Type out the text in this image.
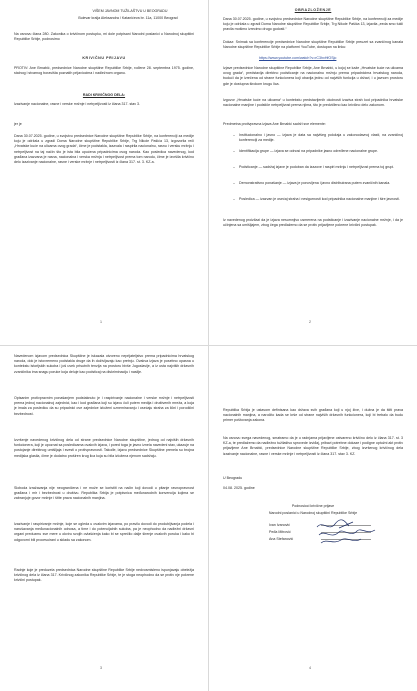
VIŠEM JAVNOM TUŽILAŠTVU U BEOGRADU

Bulevar kralja Aleksandra / Katanićeva br. 11a, 11000 Beograd

Na osnovu člana 280. Zakonika o krivičnom postupku, mi dole potpisani Narodni poslanici u Narodnoj skupštini Republike Srbije, podnosimo

KRIVIČNU PRIJAVU

PROTIV: Ane Brnabić, predsednice Narodne skupštine Republike Srbije, rođene 28. septembra 1975. godine, stalnog i stvarnog boravišta poznatih prijaviocima i nadležnom organu.

RADI KRIVIČNOG DELA:

Izazivanje nacionalne, rasne i verske mržnje i netrpeljivosti iz člana 317. stav 3.

jer je

Dana 30.07.2025. godine, u svojstvu predsednice Narodne skupštine Republike Srbije, na konferenciji za medije koju je održala u zgradi Doma Narodne skupštine Republike Srbije, Trg Nikole Pašića 13, izgovorila reči „Hrvatske kuće na ulicama ovog grada“, čime je podstakla, izazvala i raspirila nacionalnu, rasnu i versku mržnju i netrpeljivost na taj način što je ista bila upućena pripadnicima ovog naroda. Kao posledica navedenog, kod građana izazvana je rasna, nacionalna i verska mržnja i netrpeljivost prema tom narodu, čime je izvršila krivično delo izazivanje nacionalne, rasne i verske mržnje i netrpeljivosti iz člana 317. st. 3. KZ-a.

1

OBRAZLOŽENJE

Dana 30.07.2025. godine, u svojstvu predsednice Narodne skupštine Republike Srbije, na konferenciji za medije koju je održala u zgradi Doma Narodne skupštine Republike Srbije, Trg Nikole Pašića 13, izjavila „eeda smo tukli pravila mošimo izrecimo drugo godosti.“

Dokaz: Snimak sa konferencije predsednice Narodne skupštine Republike Srbije preuzet sa zvaničnog kanala Narodne skupštine Republike Srbije na platformi YouTube, dostupan na linku:

https://www.youtube.com/watch?v=rC3hxHfOSjo

Izjave predsednice Narodne skupštine Republike Srbije, Ane Brnabić, u kojoj se kaže „Hrvatske kuće na ulicama ovog grada“, predstavlja direktno podsticanje na nacionalnu mržnju prema pripadnicima hrvatskog naroda, budući da je izrečena od strane funkcionera koji obavlja jednu od najviših funkcija u državi, i u javnom prostoru gde je dostupna širokom krugu lica.

Izgovor „Hrvatske kuće na ulicama“ u kontekstu predstavljenih okolnosti izaziva strah kod pripadnika hrvatske nacionalne manjine i podstiče netrpeljivost prema njima, što je predviđeno kao krivično delo zakonom.

Predmetna protivpravna izjava Ane Brnabić sadrži sve elemente:

– Institucionalno i javno — izjava je data sa najvišeg položaja u zakonodavnoj vlasti, na zvaničnoj konferenciji za medije.

– Identifikacija grupe — izjava se odnosi na pripadnike jasno određene nacionalne grupe.

– Podsticanje — sadržaj izjave je podoban da izazove i raspiri mržnju i netrpeljivost prema toj grupi.

– Demonstrativno ponašanje — izjava je ponovljena i javno distribuirana putem zvaničnih kanala.

– Posledica — izazvan je osećaj straha i nesigurnosti kod pripadnika nacionalne manjine i šire javnosti.

Iz navedenog proizilazi da je izjava nesumnjivo usmerena na podsticanje i izazivanje nacionalne mržnje, i da je učinjena sa umišljajem, zbog čega predlažemo da se protiv prijavljene pokrene krivični postupak.

2

Navedenom izjavom predsednica Skupštine je iskazala otvoreno neprijateljstvo prema pripadnicima hrvatskog naroda, dok je istovremeno podstakla druge da ih doživljavaju kao pretnju. Ovakva izjava je posebno opasna u kontekstu istorijskih sukoba i još uvek prisutnih tenzija na prostoru bivše Jugoslavije, a iz usta najviših državnih zvaničnika ima snagu poruke koja deluje kao podsticaj na diskriminaciju i nasilje.

Opisanim protivpravnim ponašanjem podstaknuto je i raspirivanje nacionalne i verske mržnje i netrpeljivosti prema jednoj nacionalnoj zajednici, kao i kod građana koji su izjavu čuli putem medija i društvenih mreža, a koja je imala za posledicu da su pripadnici ove zajednice izloženi uznemiravanju i osećaju straha za lični i porodični bezbednost.

Izvršenje navedenog krivičnog dela od strane predsednice Narodne skupštine, jednog od najviših državnih funkcionera, koji je upoznat sa posledicama ovakvih izjava, i pored toga je javno iznela navedeni stav, ukazuje na postojanje direktnog umišljaja i svesti o protivpravnosti. Takođe, izjavu predsednice Skupštine prenela su brojna medijska glasila, čime je dodatno proširen krug lica koja su bila izložena njenom sadržaju.

Sloboda izražavanja nije neograničena i ne može se koristiti na način koji dovodi u pitanje ravnopravnost građana i mir i bezbednost u društvu. Republika Srbija je potpisnica međunarodnih konvencija kojima se zabranjuje govor mržnje i štite prava nacionalnih manjina.

Izazivanje i raspirivanje mržnje, koje se ogleda u ovakvim izjavama, po pravilu dovodi do produbljivanja podela i narušavanja međunacionalnih odnosa, a time i do potencijalnih sukoba, pa je neophodno da nadležni državni organi preduzmu sve mere u okviru svojih ovlašćenja kako bi se sprečilo dalje širenje ovakvih poruka i kako bi odgovorni bili procesuirani u skladu sa zakonom.

Radnje koje je preduzela predsednica Narodne skupštine Republike Srbije nedvosmisleno ispunjavaju obeležja krivičnog dela iz člana 317. Krivičnog zakonika Republike Srbije, te je stoga neophodno da se protiv nje pokrene krivični postupak.

3

Republika Srbija je ustavom definisana kao država svih građana koji u njoj žive, i dužna je da štiti prava nacionalnih manjina, a naročito kada se krše od strane najviših državnih funkcionera, koji bi trebalo da budu primer poštovanja zakona.

Na osnovu svega navedenog, smatramo da je u radnjama prijavljene ostvareno krivično delo iz člana 317. st. 3 KZ-a, te predlažemo da nadležno tužilaštvo sprovede izviđaj, pribavi potrebne dokaze i podigne optužni akt protiv prijavljene Ane Brnabić, predsednice Narodne skupštine Republike Srbije, zbog izvršenog krivičnog dela izazivanje nacionalne, rasne i verske mržnje i netrpeljivosti iz člana 317. stav 3. KZ.

U Beogradu

04.08. 2025. godine

Podnosioci krivične prijave

Narodni poslanici u Narodnoj skupštini Republike Srbije

Ivan Ivanović
Peđa Mitrović
Ana Stefanović
4
